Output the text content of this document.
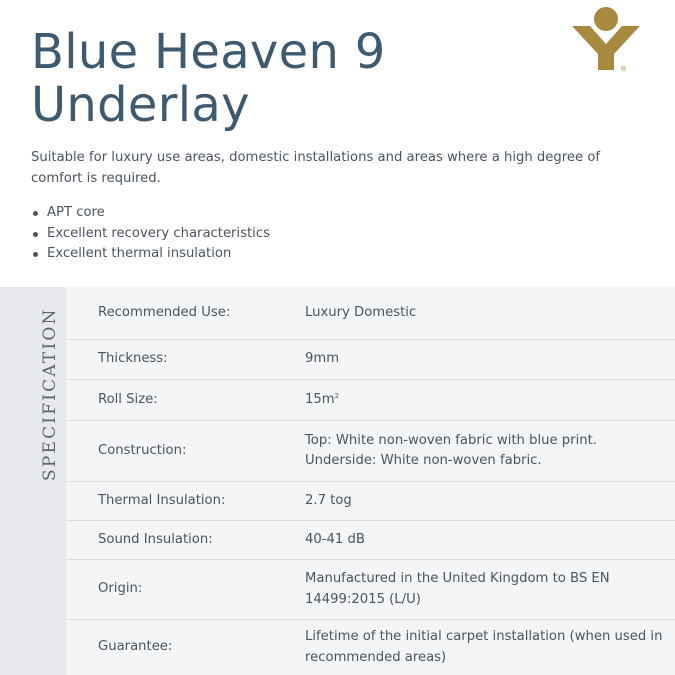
Blue Heaven 9
Underlay
®

Suitable for luxury use areas, domestic installations and areas where a high degree of comfort is required.

APT core
Excellent recovery characteristics
Excellent thermal insulation
SPECIFICATION	Recommended Use:	Luxury Domestic
Thickness:	9mm
Roll Size:	$15m^2$
Construction:
Top: White non-woven fabric with blue print.
Underside: White non-woven fabric.
Thermal Insulation:	2.7 tog
Sound Insulation:	40-41 dB
Origin:
Manufactured in the United Kingdom to BS EN 14499:2015 (L/U)
Guarantee:
Lifetime of the initial carpet installation (when used in recommended areas)
